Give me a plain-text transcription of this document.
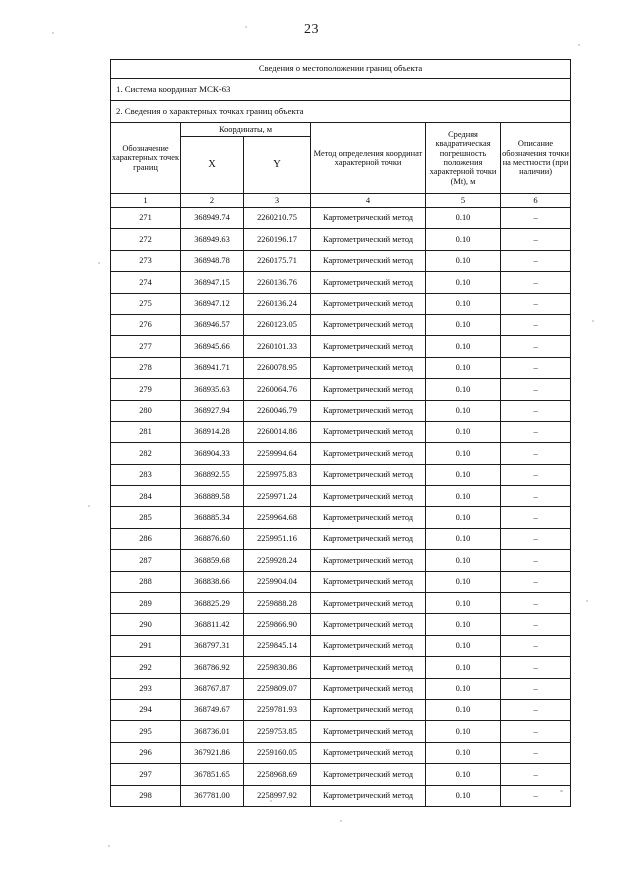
23
Сведения о местоположении границ объекта					
1. Система координат МСК-63					
2. Сведения о характерных точках границ объекта					
Обозначение характерных точек границ	Координаты, м		Метод определения координат характерной точки	Средняя квадратическая погрешность положения характерной точки (Мt), м	Описание обозначения точки на местности (при наличии)
	X	Y			
1	2	3	4	5	6
271	368949.74	2260210.75	Картометрический метод	0.10	–
272	368949.63	2260196.17	Картометрический метод	0.10	–
273	368948.78	2260175.71	Картометрический метод	0.10	–
274	368947.15	2260136.76	Картометрический метод	0.10	–
275	368947.12	2260136.24	Картометрический метод	0.10	–
276	368946.57	2260123.05	Картометрический метод	0.10	–
277	368945.66	2260101.33	Картометрический метод	0.10	–
278	368941.71	2260078.95	Картометрический метод	0.10	–
279	368935.63	2260064.76	Картометрический метод	0.10	–
280	368927.94	2260046.79	Картометрический метод	0.10	–
281	368914.28	2260014.86	Картометрический метод	0.10	–
282	368904.33	2259994.64	Картометрический метод	0.10	–
283	368892.55	2259975.83	Картометрический метод	0.10	–
284	368889.58	2259971.24	Картометрический метод	0.10	–
285	368885.34	2259964.68	Картометрический метод	0.10	–
286	368876.60	2259951.16	Картометрический метод	0.10	–
287	368859.68	2259928.24	Картометрический метод	0.10	–
288	368838.66	2259904.04	Картометрический метод	0.10	–
289	368825.29	2259888.28	Картометрический метод	0.10	–
290	368811.42	2259866.90	Картометрический метод	0.10	–
291	368797.31	2259845.14	Картометрический метод	0.10	–
292	368786.92	2259830.86	Картометрический метод	0.10	–
293	368767.87	2259809.07	Картометрический метод	0.10	–
294	368749.67	2259781.93	Картометрический метод	0.10	–
295	368736.01	2259753.85	Картометрический метод	0.10	–
296	367921.86	2259160.05	Картометрический метод	0.10	–
297	367851.65	2258968.69	Картометрический метод	0.10	–
298	367781.00	2258997.92	Картометрический метод	0.10	–
